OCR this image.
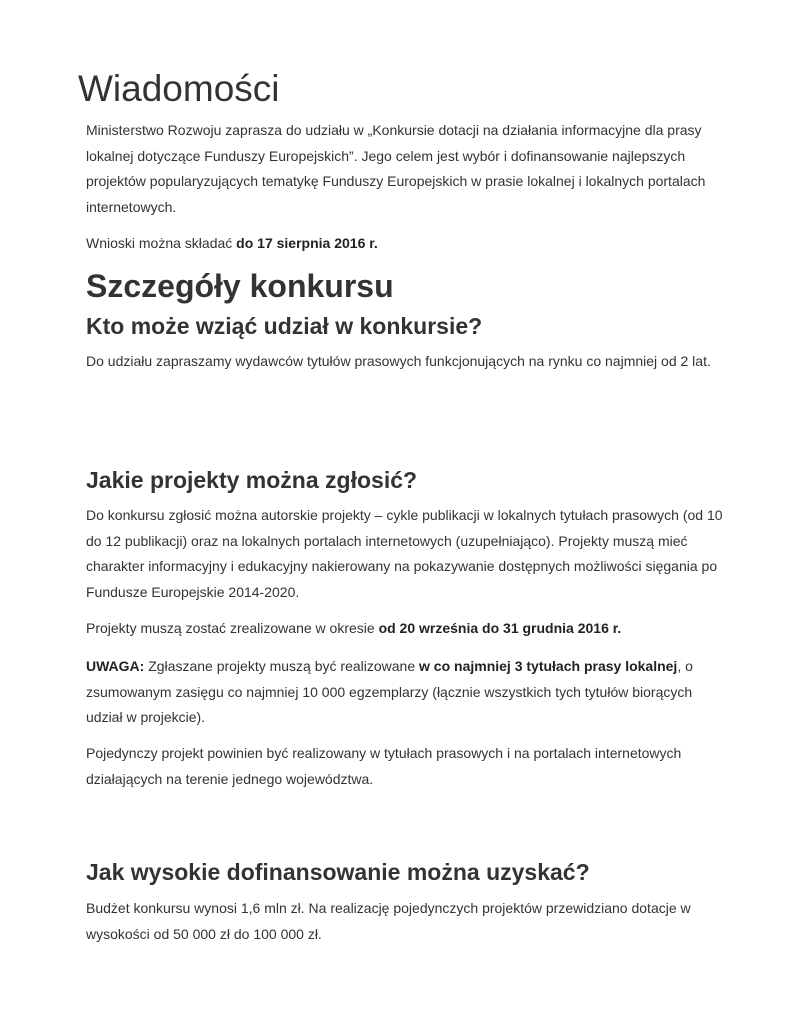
Wiadomości

Ministerstwo Rozwoju zaprasza do udziału w „Konkursie dotacji na działania informacyjne dla prasy lokalnej dotyczące Funduszy Europejskich”. Jego celem jest wybór i dofinansowanie najlepszych projektów popularyzujących tematykę Funduszy Europejskich w prasie lokalnej i lokalnych portalach internetowych.

Wnioski można składać do 17 sierpnia 2016 r.

Szczegóły konkursu
Kto może wziąć udział w konkursie?

Do udziału zapraszamy wydawców tytułów prasowych funkcjonujących na rynku co najmniej od 2 lat.

Jakie projekty można zgłosić?

Do konkursu zgłosić można autorskie projekty – cykle publikacji w lokalnych tytułach prasowych (od 10 do 12 publikacji) oraz na lokalnych portalach internetowych (uzupełniająco). Projekty muszą mieć charakter informacyjny i edukacyjny nakierowany na pokazywanie dostępnych możliwości sięgania po Fundusze Europejskie 2014-2020.

Projekty muszą zostać zrealizowane w okresie od 20 września do 31 grudnia 2016 r.

UWAGA: Zgłaszane projekty muszą być realizowane w co najmniej 3 tytułach prasy lokalnej, o zsumowanym zasięgu co najmniej 10 000 egzemplarzy (łącznie wszystkich tych tytułów biorących udział w projekcie).

Pojedynczy projekt powinien być realizowany w tytułach prasowych i na portalach internetowych działających na terenie jednego województwa.

Jak wysokie dofinansowanie można uzyskać?

Budżet konkursu wynosi 1,6 mln zł. Na realizację pojedynczych projektów przewidziano dotacje w wysokości od 50 000 zł do 100 000 zł.
